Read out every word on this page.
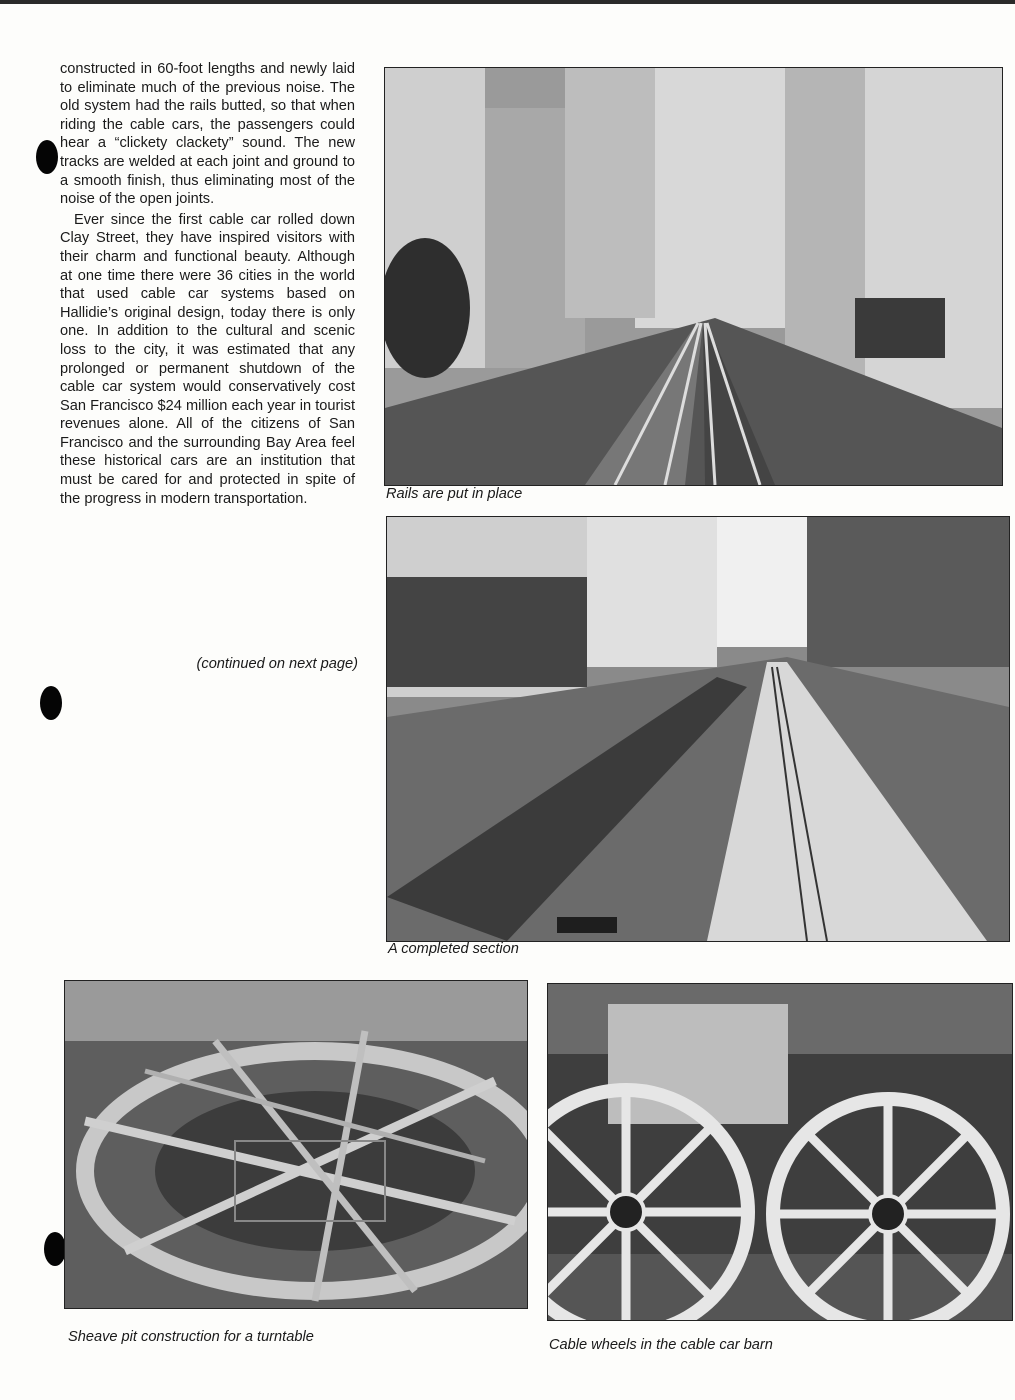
constructed in 60-foot lengths and newly laid to eliminate much of the previous noise. The old system had the rails butted, so that when riding the cable cars, the passengers could hear a “clickety clackety” sound. The new tracks are welded at each joint and ground to a smooth finish, thus eliminating most of the noise of the open joints.

Ever since the first cable car rolled down Clay Street, they have inspired visitors with their charm and functional beauty. Although at one time there were 36 cities in the world that used cable car systems based on Hallidie’s original design, today there is only one. In addition to the cultural and scenic loss to the city, it was estimated that any prolonged or permanent shutdown of the cable car system would conservatively cost San Francisco $24 million each year in tourist revenues alone. All of the citizens of San Francisco and the surrounding Bay Area feel these historical cars are an institution that must be cared for and protected in spite of the progress in modern transportation.

(continued on next page)
Rails are put in place
A completed section
Sheave pit construction for a turntable	Cable wheels in the cable car barn
